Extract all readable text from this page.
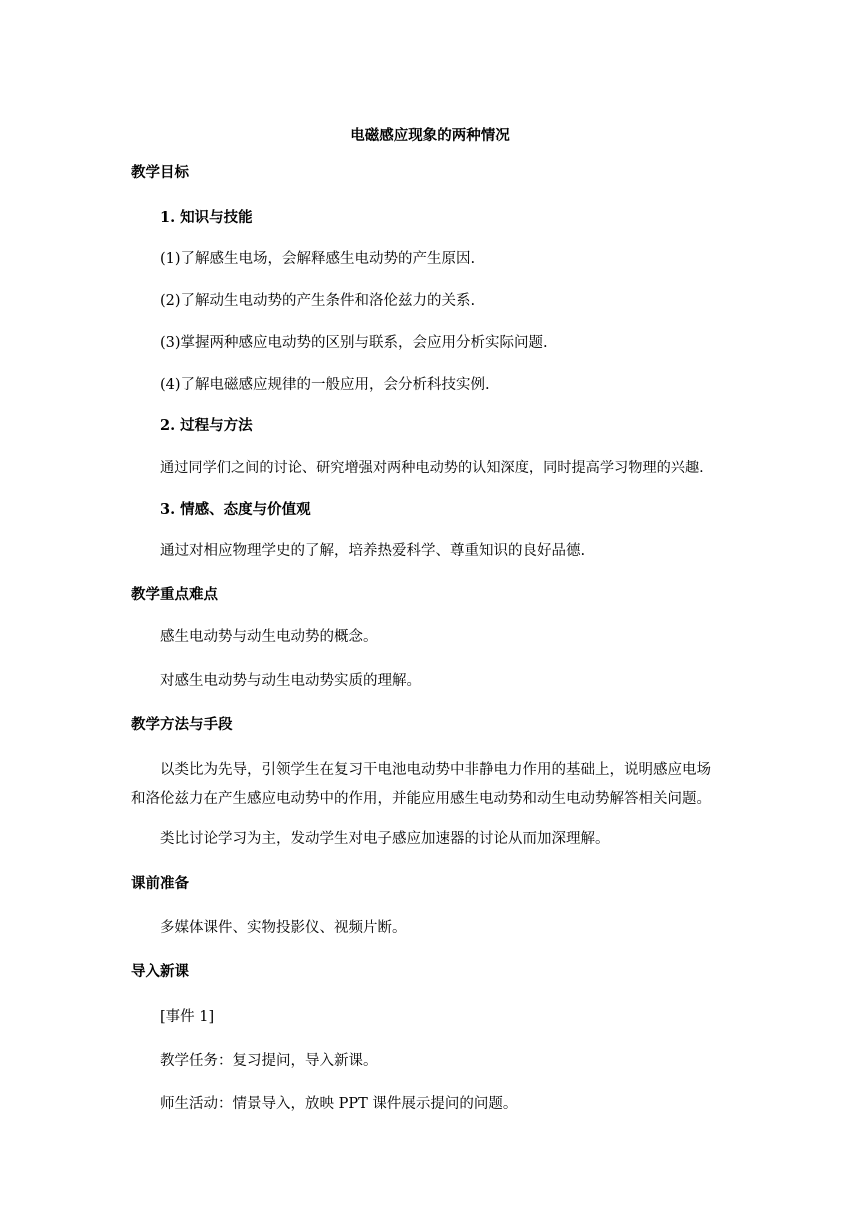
电磁感应现象的两种情况
教学目标
1. 知识与技能
(1)了解感生电场，会解释感生电动势的产生原因.
(2)了解动生电动势的产生条件和洛伦兹力的关系.
(3)掌握两种感应电动势的区别与联系，会应用分析实际问题.
(4)了解电磁感应规律的一般应用，会分析科技实例.
2. 过程与方法
通过同学们之间的讨论、研究增强对两种电动势的认知深度，同时提高学习物理的兴趣.
3. 情感、态度与价值观
通过对相应物理学史的了解，培养热爱科学、尊重知识的良好品德.
教学重点难点
感生电动势与动生电动势的概念。
对感生电动势与动生电动势实质的理解。
教学方法与手段
以类比为先导，引领学生在复习干电池电动势中非静电力作用的基础上，说明感应电场
和洛伦兹力在产生感应电动势中的作用，并能应用感生电动势和动生电动势解答相关问题。
类比讨论学习为主，发动学生对电子感应加速器的讨论从而加深理解。
课前准备
多媒体课件、实物投影仪、视频片断。
导入新课
[事件 1]
教学任务：复习提问，导入新课。
师生活动：情景导入，放映 PPT 课件展示提问的问题。
